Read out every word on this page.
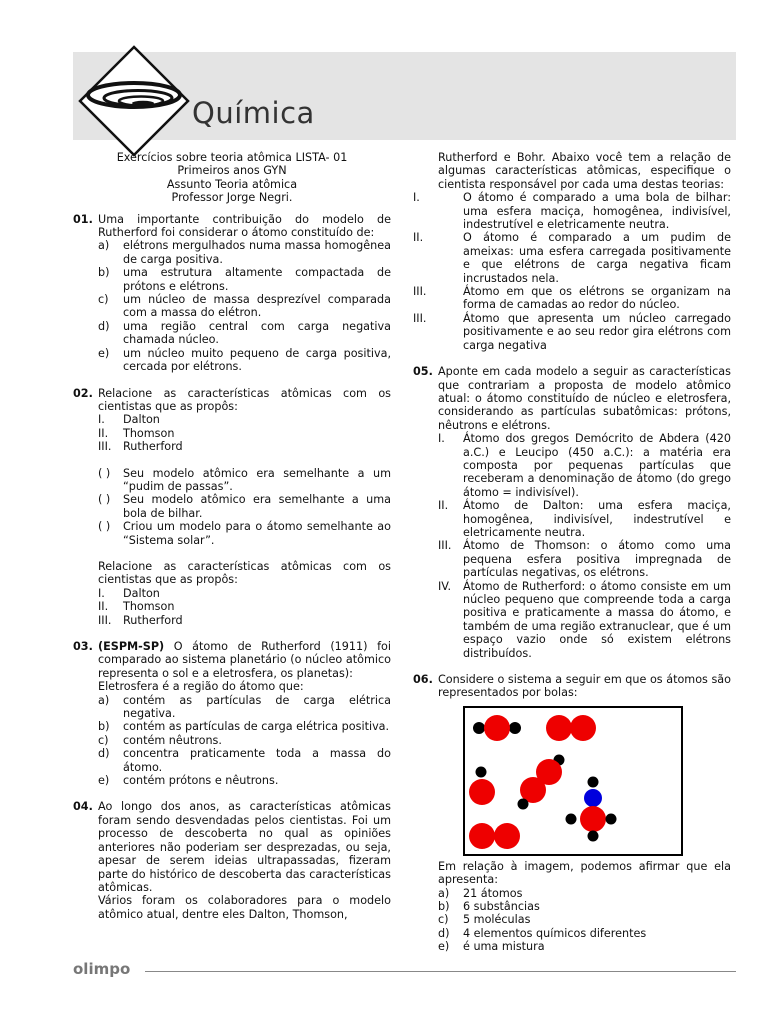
Química
Exercícios sobre teoria atômica LISTA- 01
Primeiros anos GYN
Assunto Teoria atômica
Professor Jorge Negri.
01. Uma importante contribuição do modelo de Rutherford foi considerar o átomo constituído de:
a) elétrons mergulhados numa massa homogênea de carga positiva.
b) uma estrutura altamente compactada de prótons e elétrons.
c) um núcleo de massa desprezível comparada com a massa do elétron.
d) uma região central com carga negativa chamada núcleo.
e) um núcleo muito pequeno de carga positiva, cercada por elétrons.
02. Relacione as características atômicas com os cientistas que as propôs:
I. Dalton
II. Thomson
III. Rutherford
( ) Seu modelo atômico era semelhante a um “pudim de passas”.
( ) Seu modelo atômico era semelhante a uma bola de bilhar.
( ) Criou um modelo para o átomo semelhante ao “Sistema solar”.
Relacione as características atômicas com os cientistas que as propôs:
I. Dalton
II. Thomson
III. Rutherford
03. (ESPM-SP) O átomo de Rutherford (1911) foi comparado ao sistema planetário (o núcleo atômico representa o sol e a eletrosfera, os planetas):
Eletrosfera é a região do átomo que:
a) contém as partículas de carga elétrica negativa.
b) contém as partículas de carga elétrica positiva.
c) contém nêutrons.
d) concentra praticamente toda a massa do átomo.
e) contém prótons e nêutrons.
04. Ao longo dos anos, as características atômicas foram sendo desvendadas pelos cientistas. Foi um processo de descoberta no qual as opiniões anteriores não poderiam ser desprezadas, ou seja, apesar de serem ideias ultrapassadas, fizeram parte do histórico de descoberta das características atômicas.
Vários foram os colaboradores para o modelo atômico atual, dentre eles Dalton, Thomson,
Rutherford e Bohr. Abaixo você tem a relação de algumas características atômicas, especifique o cientista responsável por cada uma destas teorias:
I.	O átomo é comparado a uma bola de bilhar: uma esfera maciça, homogênea, indivisível, indestrutível e eletricamente neutra.
II.	O átomo é comparado a um pudim de ameixas: uma esfera carregada positivamente e que elétrons de carga negativa ficam incrustados nela.
III.	Átomo em que os elétrons se organizam na forma de camadas ao redor do núcleo.
III.	Átomo que apresenta um núcleo carregado positivamente e ao seu redor gira elétrons com carga negativa
05. Aponte em cada modelo a seguir as características que contrariam a proposta de modelo atômico atual: o átomo constituído de núcleo e eletrosfera, considerando as partículas subatômicas: prótons, nêutrons e elétrons.
I. Átomo dos gregos Demócrito de Abdera (420 a.C.) e Leucipo (450 a.C.): a matéria era composta por pequenas partículas que receberam a denominação de átomo (do grego átomo = indivisível).
II. Átomo de Dalton: uma esfera maciça, homogênea, indivisível, indestrutível e eletricamente neutra.
III. Átomo de Thomson: o átomo como uma pequena esfera positiva impregnada de partículas negativas, os elétrons.
IV. Átomo de Rutherford: o átomo consiste em um núcleo pequeno que compreende toda a carga positiva e praticamente a massa do átomo, e também de uma região extranuclear, que é um espaço vazio onde só existem elétrons distribuídos.
06. Considere o sistema a seguir em que os átomos são representados por bolas:
Em relação à imagem, podemos afirmar que ela apresenta:
a) 21 átomos
b) 6 substâncias
c) 5 moléculas
d) 4 elementos químicos diferentes
e) é uma mistura
olimpo
